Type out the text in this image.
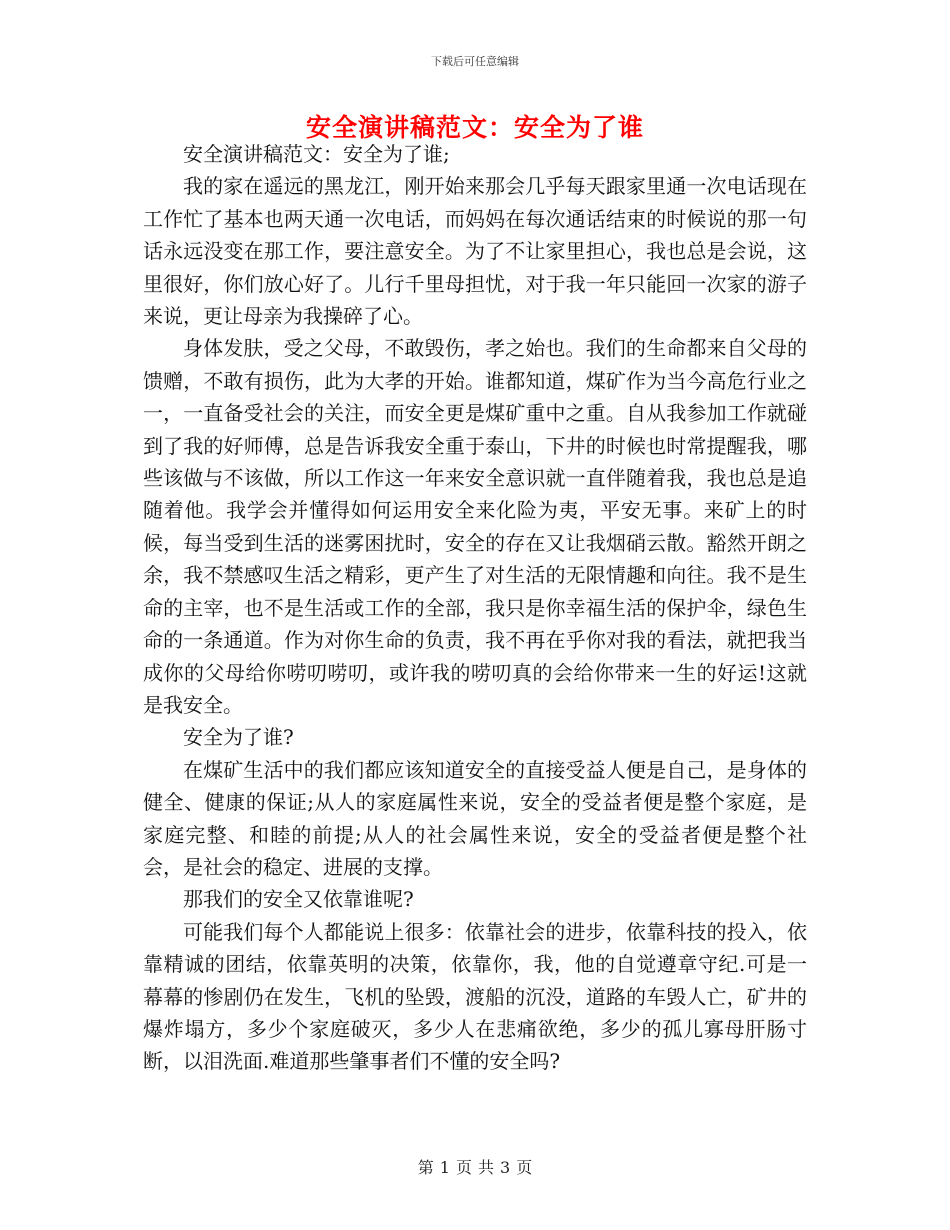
下载后可任意编辑
安全演讲稿范文：安全为了谁

安全演讲稿范文：安全为了谁;

我的家在遥远的黑龙江，刚开始来那会几乎每天跟家里通一次电话现在工作忙了基本也两天通一次电话，而妈妈在每次通话结束的时候说的那一句话永远没变在那工作，要注意安全。为了不让家里担心，我也总是会说，这里很好，你们放心好了。儿行千里母担忧，对于我一年只能回一次家的游子来说，更让母亲为我操碎了心。

身体发肤，受之父母，不敢毁伤，孝之始也。我们的生命都来自父母的馈赠，不敢有损伤，此为大孝的开始。谁都知道，煤矿作为当今高危行业之一，一直备受社会的关注，而安全更是煤矿重中之重。自从我参加工作就碰到了我的好师傅，总是告诉我安全重于泰山，下井的时候也时常提醒我，哪些该做与不该做，所以工作这一年来安全意识就一直伴随着我，我也总是追随着他。我学会并懂得如何运用安全来化险为夷，平安无事。来矿上的时候，每当受到生活的迷雾困扰时，安全的存在又让我烟硝云散。豁然开朗之余，我不禁感叹生活之精彩，更产生了对生活的无限情趣和向往。我不是生命的主宰，也不是生活或工作的全部，我只是你幸福生活的保护伞，绿色生命的一条通道。作为对你生命的负责，我不再在乎你对我的看法，就把我当成你的父母给你唠叨唠叨，或许我的唠叨真的会给你带来一生的好运!这就是我安全。

安全为了谁?

在煤矿生活中的我们都应该知道安全的直接受益人便是自己，是身体的健全、健康的保证;从人的家庭属性来说，安全的受益者便是整个家庭，是家庭完整、和睦的前提;从人的社会属性来说，安全的受益者便是整个社会，是社会的稳定、进展的支撑。

那我们的安全又依靠谁呢?

可能我们每个人都能说上很多：依靠社会的进步，依靠科技的投入，依靠精诚的团结，依靠英明的决策，依靠你，我，他的自觉遵章守纪.可是一幕幕的惨剧仍在发生，飞机的坠毁，渡船的沉没，道路的车毁人亡，矿井的爆炸塌方，多少个家庭破灭，多少人在悲痛欲绝，多少的孤儿寡母肝肠寸断，以泪洗面.难道那些肇事者们不懂的安全吗?

第 1 页 共 3 页
